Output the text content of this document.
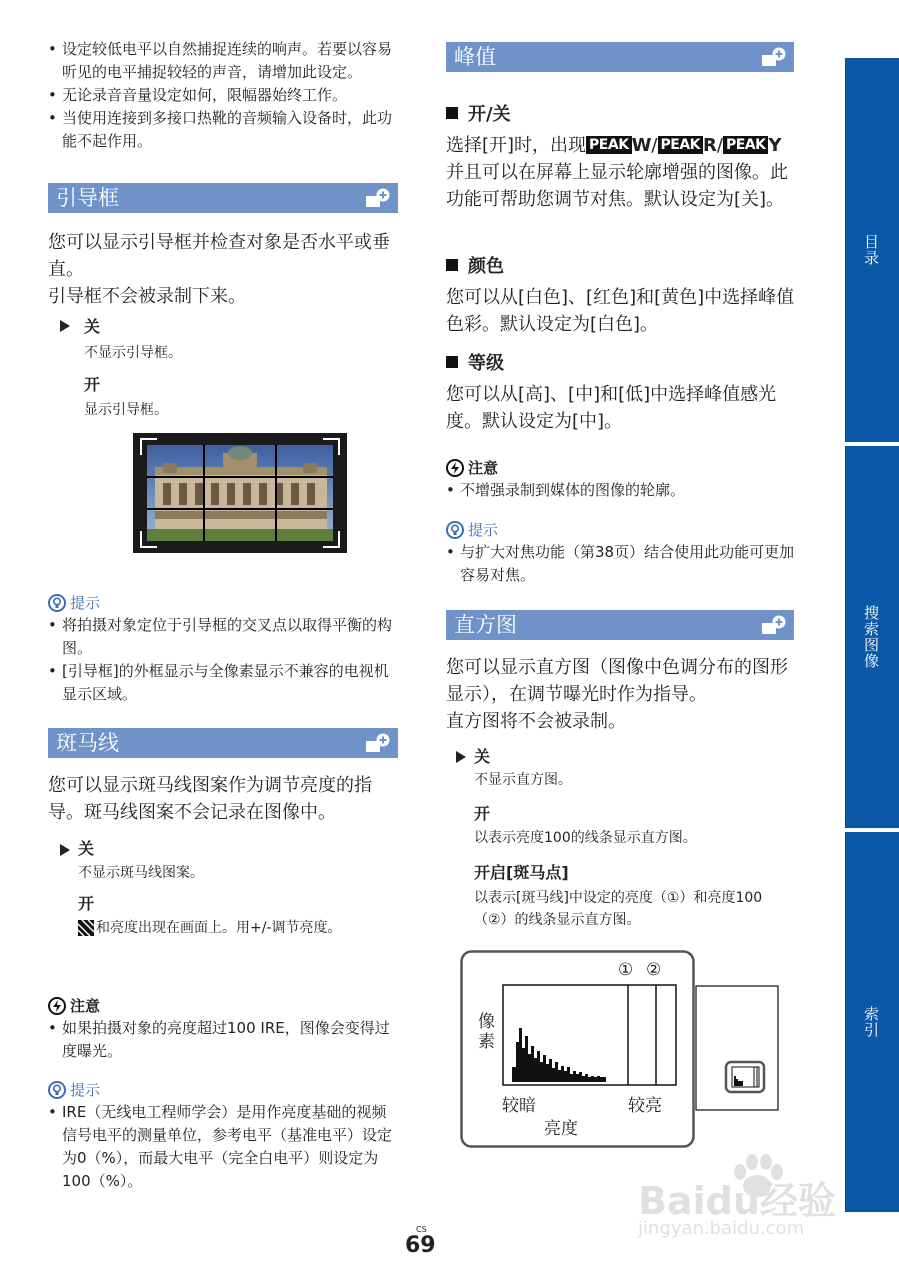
• 设定较低电平以自然捕捉连续的响声。若要以容易听见的电平捕捉较轻的声音，请增加此设定。
• 无论录音音量设定如何，限幅器始终工作。
• 当使用连接到多接口热靴的音频输入设备时，此功能不起作用。
引导框
您可以显示引导框并检查对象是否水平或垂直。
引导框不会被录制下来。
关
不显示引导框。
开
显示引导框。
提示
• 将拍摄对象定位于引导框的交叉点以取得平衡的构图。
• [引导框]的外框显示与全像素显示不兼容的电视机显示区域。
斑马线
您可以显示斑马线图案作为调节亮度的指导。斑马线图案不会记录在图像中。
关
不显示斑马线图案。
开
和亮度出现在画面上。用+/-调节亮度。
注意
• 如果拍摄对象的亮度超过100 IRE，图像会变得过度曝光。
提示
• IRE（无线电工程师学会）是用作亮度基础的视频信号电平的测量单位，参考电平（基准电平）设定为0（%），而最大电平（完全白电平）则设定为100（%）。
峰值
开/关
选择[开]时，出现 PEAK W/ PEAK R/ PEAK Y并且可以在屏幕上显示轮廓增强的图像。此功能可帮助您调节对焦。默认设定为[关]。
颜色
您可以从[白色]、[红色]和[黄色]中选择峰值色彩。默认设定为[白色]。
等级
您可以从[高]、[中]和[低]中选择峰值感光度。默认设定为[中]。
注意
• 不增强录制到媒体的图像的轮廓。
提示
• 与扩大对焦功能（第38页）结合使用此功能可更加容易对焦。
直方图
您可以显示直方图（图像中色调分布的图形显示），在调节曝光时作为指导。
直方图将不会被录制。
关
不显示直方图。
开
以表示亮度100的线条显示直方图。
开启[斑马点]
以表示[斑马线]中设定的亮度（①）和亮度100（②）的线条显示直方图。
① ②
像素
较暗	较亮
亮度
目录
搜索图像
索引
CS
69
Baidu经验
jingyan.baidu.com
